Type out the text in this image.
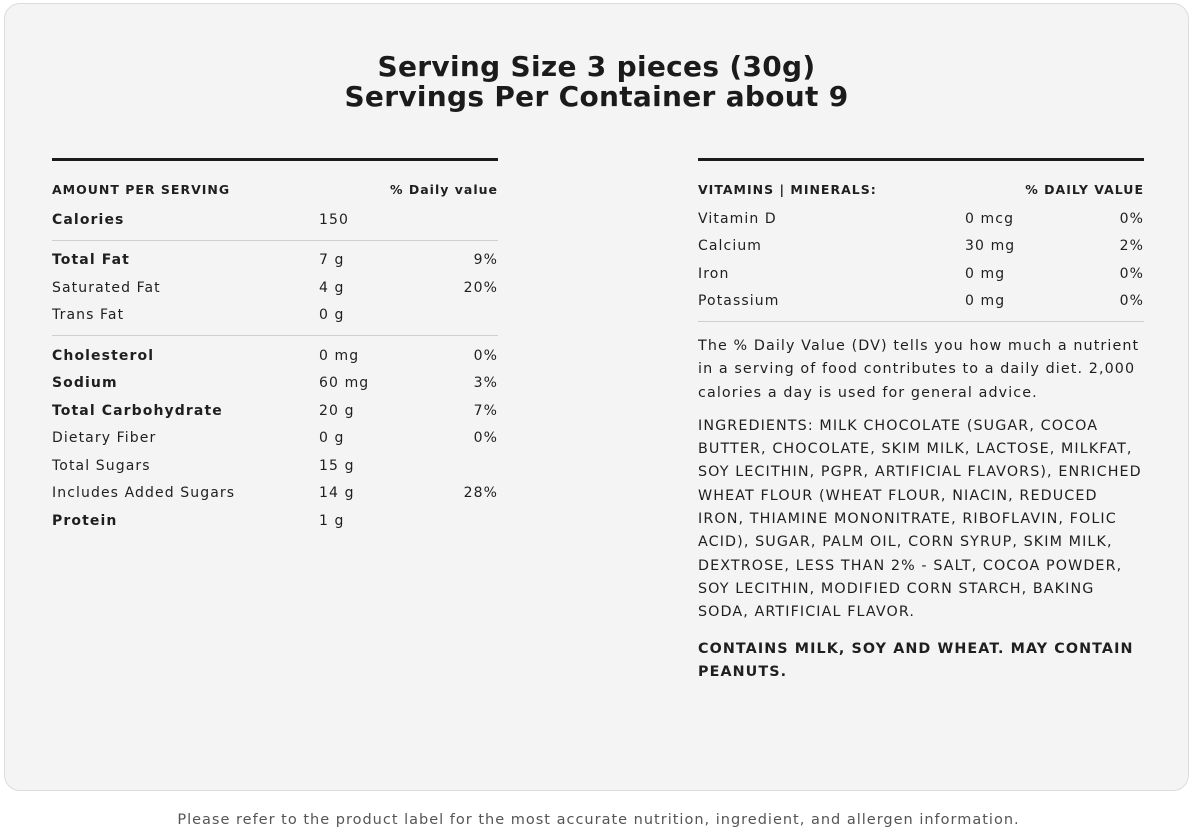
Serving Size 3 pieces (30g)
Servings Per Container about 9
AMOUNT PER SERVING	% Daily value
Calories	150
Total Fat	7 g	9%
Saturated Fat	4 g	20%
Trans Fat	0 g
Cholesterol	0 mg	0%
Sodium	60 mg	3%
Total Carbohydrate	20 g	7%
Dietary Fiber	0 g	0%
Total Sugars	15 g
Includes Added Sugars	14 g	28%
Protein	1 g
VITAMINS | MINERALS:	% DAILY VALUE
Vitamin D	0 mcg	0%
Calcium	30 mg	2%
Iron	0 mg	0%
Potassium	0 mg	0%
The % Daily Value (DV) tells you how much a nutrient in a serving of food contributes to a daily diet. 2,000 calories a day is used for general advice.
INGREDIENTS: MILK CHOCOLATE (SUGAR, COCOA BUTTER, CHOCOLATE, SKIM MILK, LACTOSE, MILKFAT, SOY LECITHIN, PGPR, ARTIFICIAL FLAVORS), ENRICHED WHEAT FLOUR (WHEAT FLOUR, NIACIN, REDUCED IRON, THIAMINE MONONITRATE, RIBOFLAVIN, FOLIC ACID), SUGAR, PALM OIL, CORN SYRUP, SKIM MILK, DEXTROSE, LESS THAN 2% - SALT, COCOA POWDER, SOY LECITHIN, MODIFIED CORN STARCH, BAKING SODA, ARTIFICIAL FLAVOR.
CONTAINS MILK, SOY AND WHEAT. MAY CONTAIN PEANUTS.
Please refer to the product label for the most accurate nutrition, ingredient, and allergen information.
